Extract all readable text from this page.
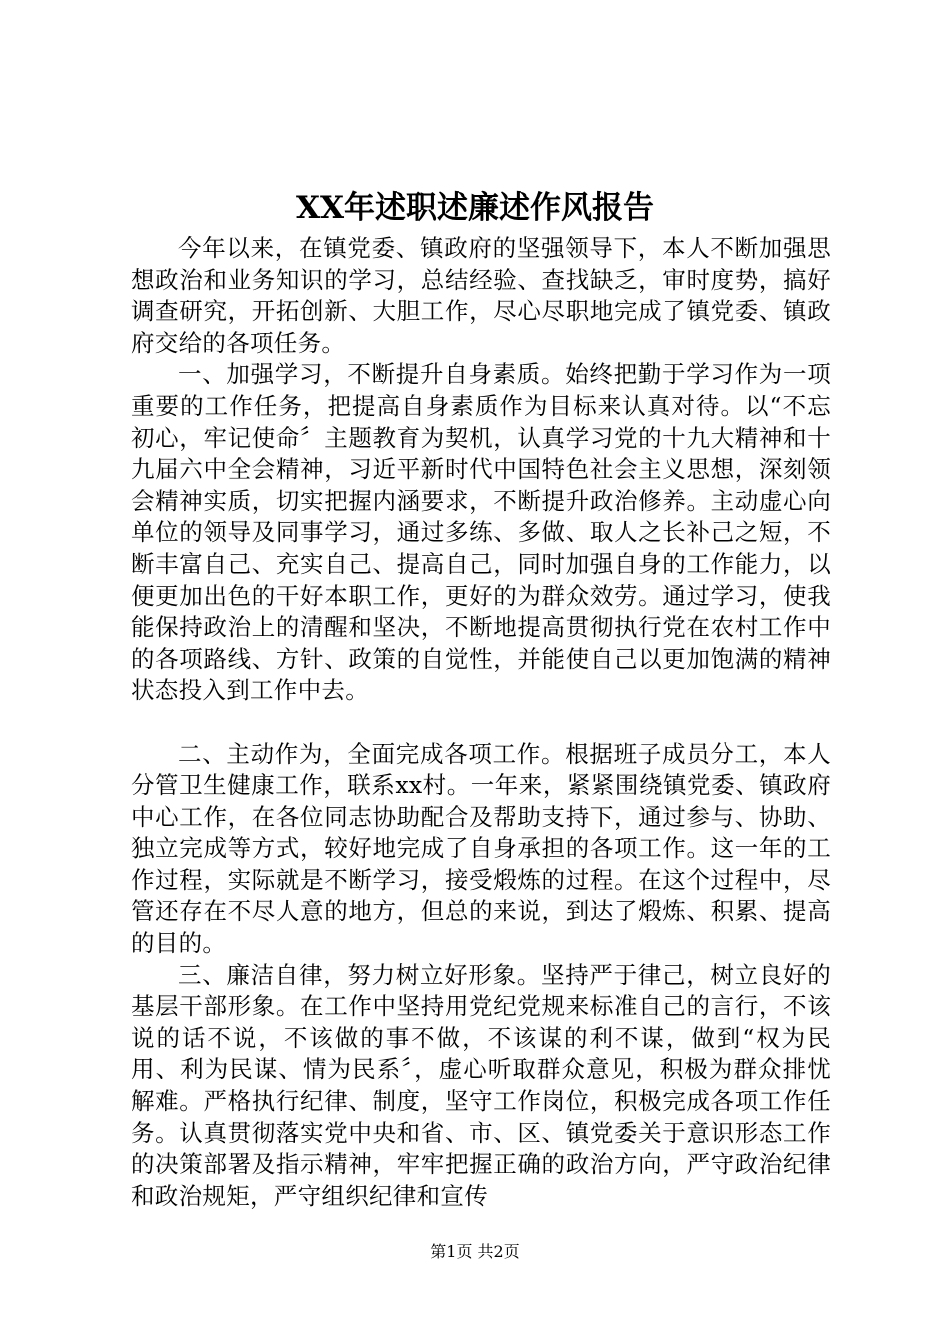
XX年述职述廉述作风报告

今年以来，在镇党委、镇政府的坚强领导下，本人不断加强思想政治和业务知识的学习，总结经验、查找缺乏，审时度势，搞好调查研究，开拓创新、大胆工作，尽心尽职地完成了镇党委、镇政府交给的各项任务。

一、加强学习，不断提升自身素质。始终把勤于学习作为一项重要的工作任务，把提高自身素质作为目标来认真对待。以“不忘初心，牢记使命〞主题教育为契机，认真学习党的十九大精神和十九届六中全会精神，习近平新时代中国特色社会主义思想，深刻领会精神实质，切实把握内涵要求，不断提升政治修养。主动虚心向单位的领导及同事学习，通过多练、多做、取人之长补己之短，不断丰富自己、充实自己、提高自己，同时加强自身的工作能力，以便更加出色的干好本职工作，更好的为群众效劳。通过学习，使我能保持政治上的清醒和坚决，不断地提高贯彻执行党在农村工作中的各项路线、方针、政策的自觉性，并能使自己以更加饱满的精神状态投入到工作中去。

二、主动作为，全面完成各项工作。根据班子成员分工，本人分管卫生健康工作，联系xx村。一年来，紧紧围绕镇党委、镇政府中心工作，在各位同志协助配合及帮助支持下，通过参与、协助、独立完成等方式，较好地完成了自身承担的各项工作。这一年的工作过程，实际就是不断学习，接受煅炼的过程。在这个过程中，尽管还存在不尽人意的地方，但总的来说，到达了煅炼、积累、提高的目的。

三、廉洁自律，努力树立好形象。坚持严于律己，树立良好的基层干部形象。在工作中坚持用党纪党规来标准自己的言行，不该说的话不说，不该做的事不做，不该谋的利不谋，做到“权为民用、利为民谋、情为民系〞，虚心听取群众意见，积极为群众排忧解难。严格执行纪律、制度，坚守工作岗位，积极完成各项工作任务。认真贯彻落实党中央和省、市、区、镇党委关于意识形态工作的决策部署及指示精神，牢牢把握正确的政治方向，严守政治纪律和政治规矩，严守组织纪律和宣传

第1页 共2页
